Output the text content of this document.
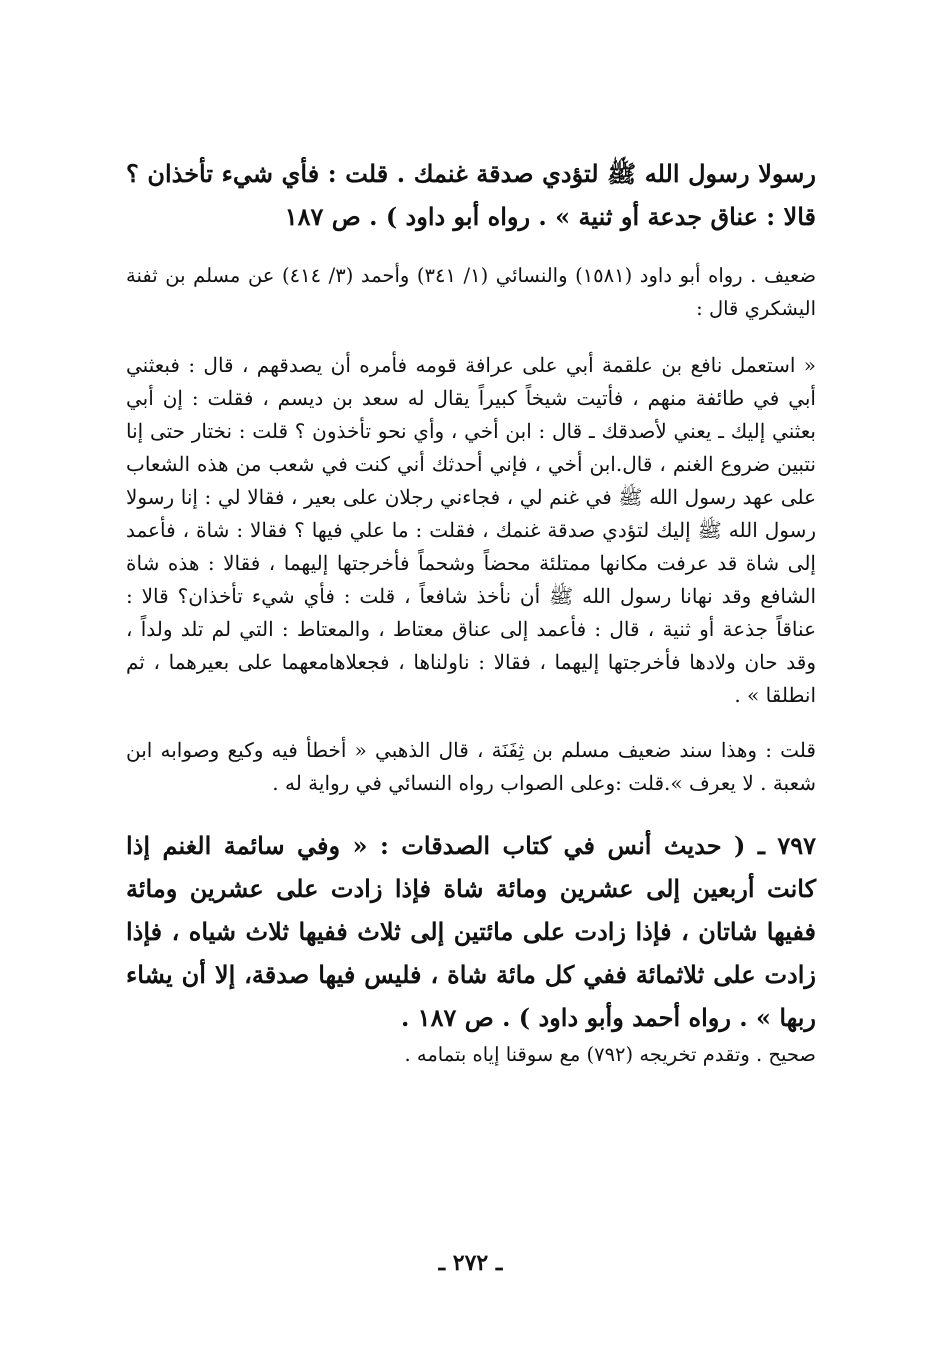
رسولا رسول الله ﷺ لتؤدي صدقة غنمك . قلت : فأي شيء تأخذان ؟ قالا : عناق جدعة أو ثنية » . رواه أبو داود ) . ص ١٨٧

ضعيف . رواه أبو داود (١٥٨١) والنسائي (١/ ٣٤١) وأحمد (٣/ ٤١٤) عن مسلم بن ثفنة اليشكري قال :

« استعمل نافع بن علقمة أبي على عرافة قومه فأمره أن يصدقهم ، قال : فبعثني أبي في طائفة منهم ، فأتيت شيخاً كبيراً يقال له سعد بن ديسم ، فقلت : إن أبي بعثني إليك ـ يعني لأصدقك ـ قال : ابن أخي ، وأي نحو تأخذون ؟ قلت : نختار حتى إنا نتبين ضروع الغنم ، قال.ابن أخي ، فإني أحدثك أني كنت في شعب من هذه الشعاب على عهد رسول الله ﷺ في غنم لي ، فجاءني رجلان على بعير ، فقالا لي : إنا رسولا رسول الله ﷺ إليك لتؤدي صدقة غنمك ، فقلت : ما علي فيها ؟ فقالا : شاة ، فأعمد إلى شاة قد عرفت مكانها ممتلئة محضاً وشحماً فأخرجتها إليهما ، فقالا : هذه شاة الشافع وقد نهانا رسول الله ﷺ أن نأخذ شافعاً ، قلت : فأي شيء تأخذان؟ قالا : عناقاً جذعة أو ثنية ، قال : فأعمد إلى عناق معتاط ، والمعتاط : التي لم تلد ولداً ، وقد حان ولادها فأخرجتها إليهما ، فقالا : ناولناها ، فجعلاهامعهما على بعيرهما ، ثم انطلقا » .

قلت : وهذا سند ضعيف مسلم بن ثِفَنَة ، قال الذهبي « أخطأ فيه وكيع وصوابه ابن شعبة . لا يعرف ».قلت :وعلى الصواب رواه النسائي في رواية له .

٧٩٧ ـ ( حديث أنس في كتاب الصدقات : « وفي سائمة الغنم إذا كانت أربعين إلى عشرين ومائة شاة فإذا زادت على عشرين ومائة ففيها شاتان ، فإذا زادت على مائتين إلى ثلاث ففيها ثلاث شياه ، فإذا زادت على ثلاثمائة ففي كل مائة شاة ، فليس فيها صدقة، إلا أن يشاء ربها » . رواه أحمد وأبو داود ) . ص ١٨٧ .

صحيح . وتقدم تخريجه (٧٩٢) مع سوقنا إياه بتمامه .

ـ ٢٧٢ ـ
